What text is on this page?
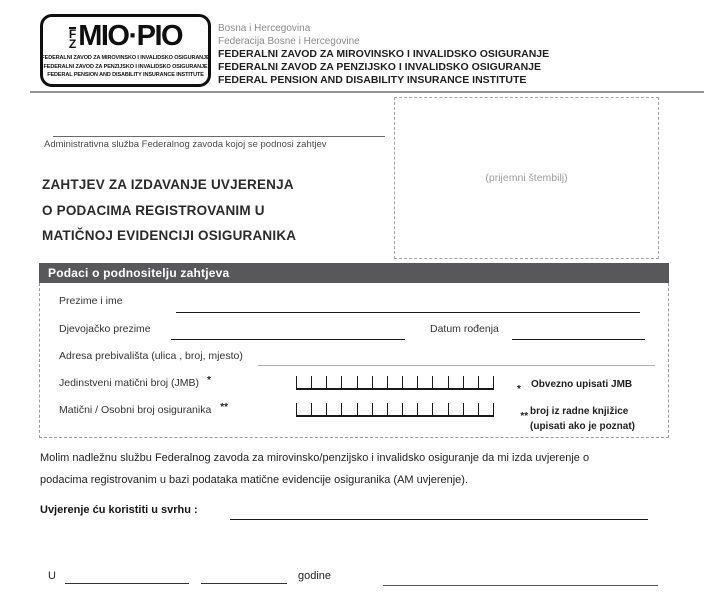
F
Z MIO·PIO
FEDERALNI ZAVOD ZA MIROVINSKO I INVALIDSKO OSIGURANJE
FEDERALNI ZAVOD ZA PENZIJSKO I INVALIDSKO OSIGURANJE
FEDERAL PENSION AND DISABILITY INSURANCE INSTITUTE
Bosna i Hercegovina
Federacija Bosne i Hercegovine
FEDERALNI ZAVOD ZA MIROVINSKO I INVALIDSKO OSIGURANJE
FEDERALNI ZAVOD ZA PENZIJSKO I INVALIDSKO OSIGURANJE
FEDERAL PENSION AND DISABILITY INSURANCE INSTITUTE
(prijemni štembilj)
Administrativna služba Federalnog zavoda kojoj se podnosi zahtjev
ZAHTJEV ZA IZDAVANJE UVJERENJA
O PODACIMA REGISTROVANIM U
MATIČNOJ EVIDENCIJI OSIGURANIKA
Podaci o podnositelju zahtjeva
Prezime i ime
Djevojačko prezime	Datum rođenja
Adresa prebivališta (ulica , broj, mjesto)
Jedinstveni matični broj (JMB) *
$_*$ Obvezno upisati JMB
Matični / Osobni broj osiguranika **
$_{**}$ broj iz radne knjižice
(upisati ako je poznat)
Molim nadležnu službu Federalnog zavoda za mirovinsko/penzijsko i invalidsko osiguranje da mi izda uvjerenje o
podacima registrovanim u bazi podataka matične evidencije osiguranika (AM uvjerenje).
Uvjerenje ću koristiti u svrhu :
U	godine
